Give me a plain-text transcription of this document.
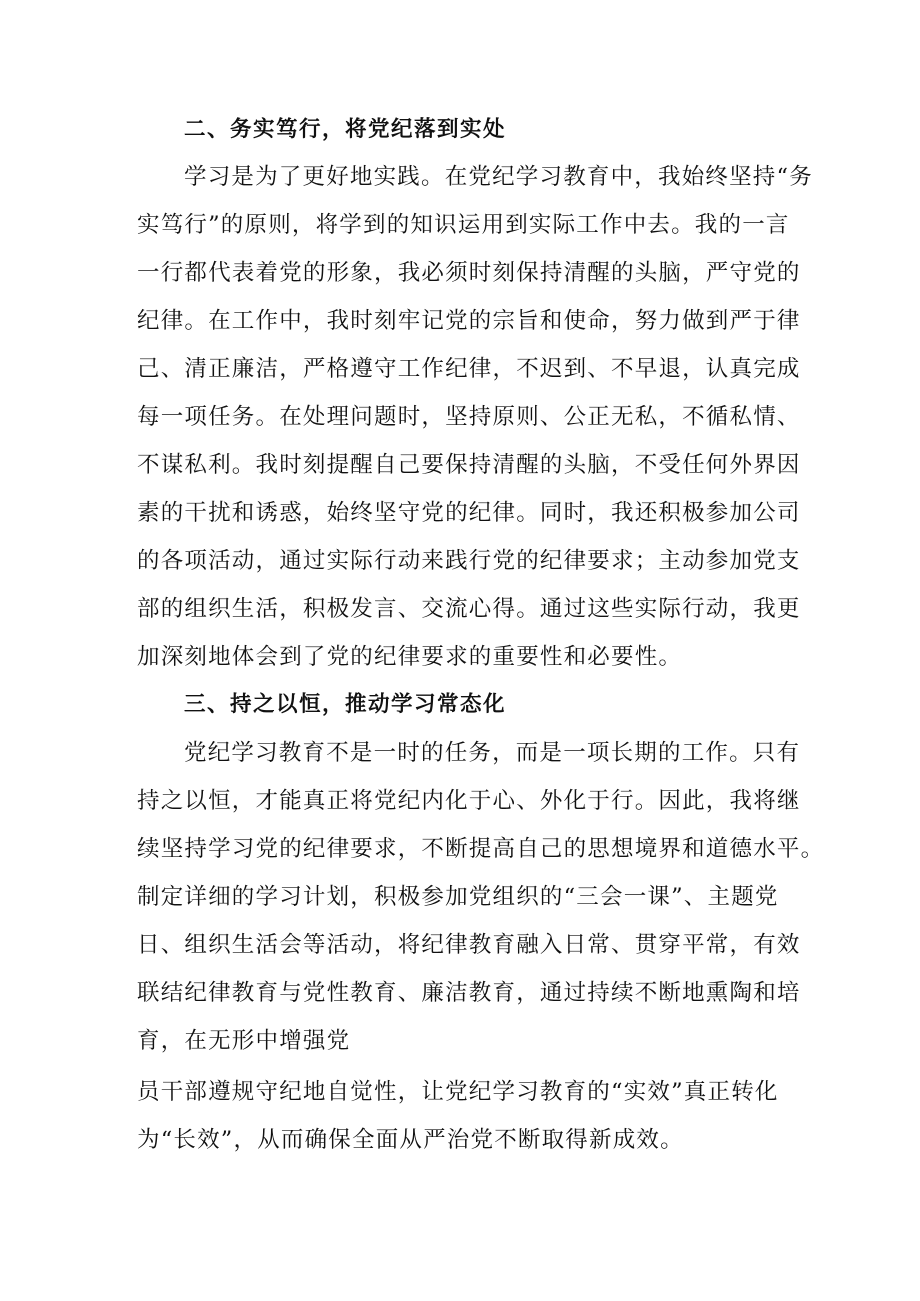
二、务实笃行，将党纪落到实处
学习是为了更好地实践。在党纪学习教育中，我始终坚持“务
实笃行”的原则，将学到的知识运用到实际工作中去。我的一言
一行都代表着党的形象，我必须时刻保持清醒的头脑，严守党的
纪律。在工作中，我时刻牢记党的宗旨和使命，努力做到严于律
己、清正廉洁，严格遵守工作纪律，不迟到、不早退，认真完成
每一项任务。在处理问题时，坚持原则、公正无私，不循私情、
不谋私利。我时刻提醒自己要保持清醒的头脑，不受任何外界因
素的干扰和诱惑，始终坚守党的纪律。同时，我还积极参加公司
的各项活动，通过实际行动来践行党的纪律要求；主动参加党支
部的组织生活，积极发言、交流心得。通过这些实际行动，我更
加深刻地体会到了党的纪律要求的重要性和必要性。
三、持之以恒，推动学习常态化
党纪学习教育不是一时的任务，而是一项长期的工作。只有
持之以恒，才能真正将党纪内化于心、外化于行。因此，我将继
续坚持学习党的纪律要求，不断提高自己的思想境界和道德水平。
制定详细的学习计划，积极参加党组织的“三会一课”、主题党
日、组织生活会等活动，将纪律教育融入日常、贯穿平常，有效
联结纪律教育与党性教育、廉洁教育，通过持续不断地熏陶和培
育，在无形中增强党
员干部遵规守纪地自觉性，让党纪学习教育的“实效”真正转化
为“长效”，从而确保全面从严治党不断取得新成效。
